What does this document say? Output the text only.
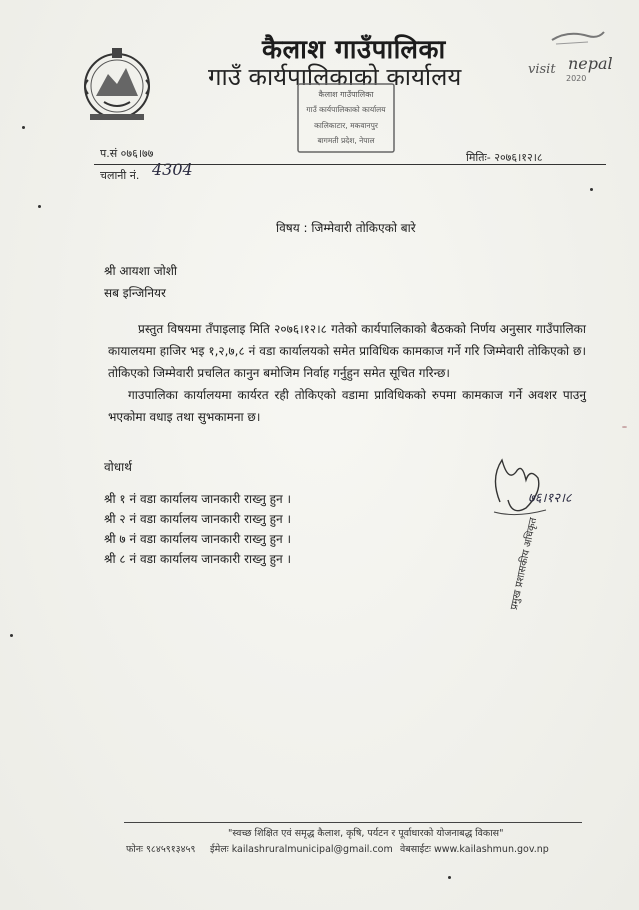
कैलाश गाउँपालिका
गाउँ कार्यपालिकाको कार्यालय	visit nepal
2020
कैलाश गाउँपालिका
गाउँ कार्यपालिकाको कार्यालय
कालिकाटार, मकवानपुर
बागमती प्रदेश, नेपाल
प.सं ०७६।७७
चलानी नं. 4304
मितिः- २०७६।१२।८
विषय : जिम्मेवारी तोकिएको बारे
श्री आयशा जोशी
सब इन्जिनियर
प्रस्तुत विषयमा तँपाइलाइ मिति २०७६।१२।८ गतेको कार्यपालिकाको बैठकको निर्णय अनुसार गाउँपालिका कायालयमा हाजिर भइ १,२,७,८ नं वडा कार्यालयको समेत प्राविधिक कामकाज गर्ने गरि जिम्मेवारी तोकिएको छ। तोकिएको जिम्मेवारी प्रचलित कानुन बमोजिम निर्वाह गर्नुहुन समेत सूचित गरिन्छ।
गाउपालिका कार्यालयमा कार्यरत रही तोकिएको वडामा प्राविधिकको रुपमा कामकाज गर्ने अवशर पाउनु भएकोमा वधाइ तथा सुभकामना छ।
वोधार्थ
श्री १ नं वडा कार्यालय जानकारी राख्नु हुन ।
श्री २ नं वडा कार्यालय जानकारी राख्नु हुन ।
श्री ७ नं वडा कार्यालय जानकारी राख्नु हुन ।
श्री ८ नं वडा कार्यालय जानकारी राख्नु हुन ।
७६।१२।८
प्रमुख प्रशासकीय अधिकृत
"स्वच्छ शिक्षित एवं समृद्ध कैलाश, कृषि, पर्यटन र पूर्वाधारको योजनाबद्ध विकास"
फोनः ९८४५९१३४५९ ईमेलः kailashruralmunicipal@gmail.com वेबसाईटः www.kailashmun.gov.np
